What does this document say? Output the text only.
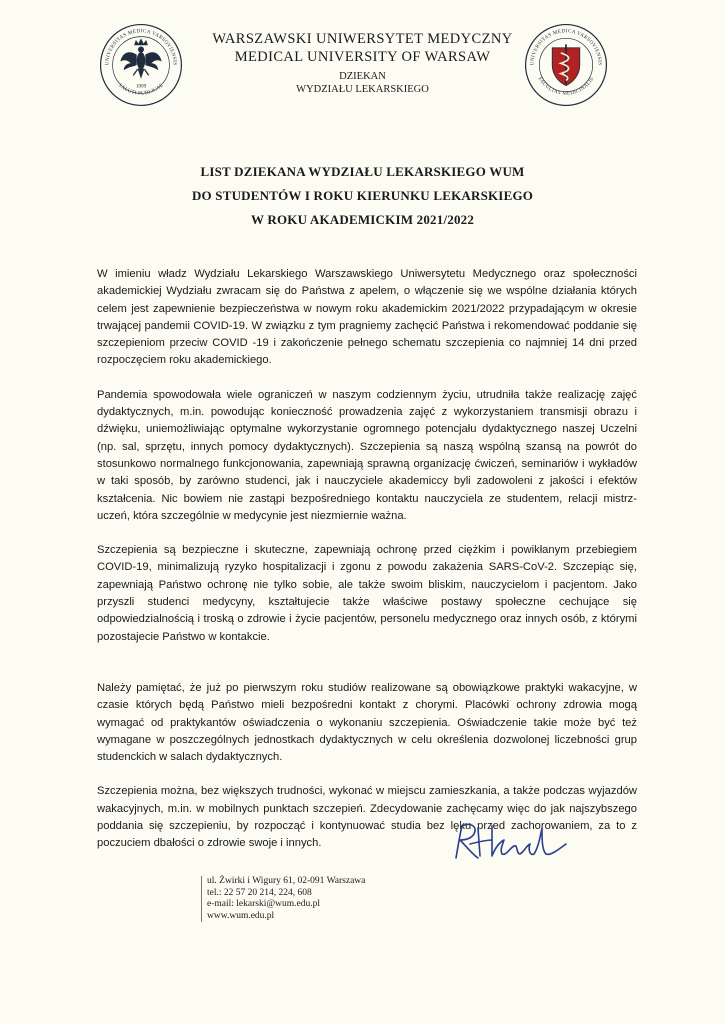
1809
UNIVERSITAS MEDICA VARSOVIENSIS
SALUTI PUBLICAE
WARSZAWSKI UNIWERSYTET MEDYCZNY
MEDICAL UNIVERSITY OF WARSAW
DZIEKAN
WYDZIAŁU LEKARSKIEGO
UNIVERSITAS MEDICA VARSOVIENSIS
FACULTAS MEDICINALIS
LIST DZIEKANA WYDZIAŁU LEKARSKIEGO WUM
DO STUDENTÓW I ROKU KIERUNKU LEKARSKIEGO
W ROKU AKADEMICKIM 2021/2022

W imieniu władz Wydziału Lekarskiego Warszawskiego Uniwersytetu Medycznego oraz społeczności akademickiej Wydziału zwracam się do Państwa z apelem, o włączenie się we wspólne działania których celem jest zapewnienie bezpieczeństwa w nowym roku akademickim 2021/2022 przypadającym w okresie trwającej pandemii COVID-19. W związku z tym pragniemy zachęcić Państwa i rekomendować poddanie się szczepieniom przeciw COVID -19 i zakończenie pełnego schematu szczepienia co najmniej 14 dni przed rozpoczęciem roku akademickiego.

Pandemia spowodowała wiele ograniczeń w naszym codziennym życiu, utrudniła także realizację zajęć dydaktycznych, m.in. powodując konieczność prowadzenia zajęć z wykorzystaniem transmisji obrazu i dźwięku, uniemożliwiając optymalne wykorzystanie ogromnego potencjału dydaktycznego naszej Uczelni (np. sal, sprzętu, innych pomocy dydaktycznych). Szczepienia są naszą wspólną szansą na powrót do stosunkowo normalnego funkcjonowania, zapewniają sprawną organizację ćwiczeń, seminariów i wykładów w taki sposób, by zarówno studenci, jak i nauczyciele akademiccy byli zadowoleni z jakości i efektów kształcenia. Nic bowiem nie zastąpi bezpośredniego kontaktu nauczyciela ze studentem, relacji mistrz-uczeń, która szczególnie w medycynie jest niezmiernie ważna.

Szczepienia są bezpieczne i skuteczne, zapewniają ochronę przed ciężkim i powikłanym przebiegiem COVID-19, minimalizują ryzyko hospitalizacji i zgonu z powodu zakażenia SARS-CoV-2. Szczepiąc się, zapewniają Państwo ochronę nie tylko sobie, ale także swoim bliskim, nauczycielom i pacjentom. Jako przyszli studenci medycyny, kształtujecie także właściwe postawy społeczne cechujące się odpowiedzialnością i troską o zdrowie i życie pacjentów, personelu medycznego oraz innych osób, z którymi pozostajecie Państwo w kontakcie.

Należy pamiętać, że już po pierwszym roku studiów realizowane są obowiązkowe praktyki wakacyjne, w czasie których będą Państwo mieli bezpośredni kontakt z chorymi. Placówki ochrony zdrowia mogą wymagać od praktykantów oświadczenia o wykonaniu szczepienia. Oświadczenie takie może być też wymagane w poszczególnych jednostkach dydaktycznych w celu określenia dozwolonej liczebności grup studenckich w salach dydaktycznych.

Szczepienia można, bez większych trudności, wykonać w miejscu zamieszkania, a także podczas wyjazdów wakacyjnych, m.in. w mobilnych punktach szczepień. Zdecydowanie zachęcamy więc do jak najszybszego poddania się szczepieniu, by rozpocząć i kontynuować studia bez lęku przed zachorowaniem, za to z poczuciem dbałości o zdrowie swoje i innych.

ul. Żwirki i Wigury 61, 02-091 Warszawa
tel.: 22 57 20 214, 224, 608
e-mail: lekarski@wum.edu.pl
www.wum.edu.pl
